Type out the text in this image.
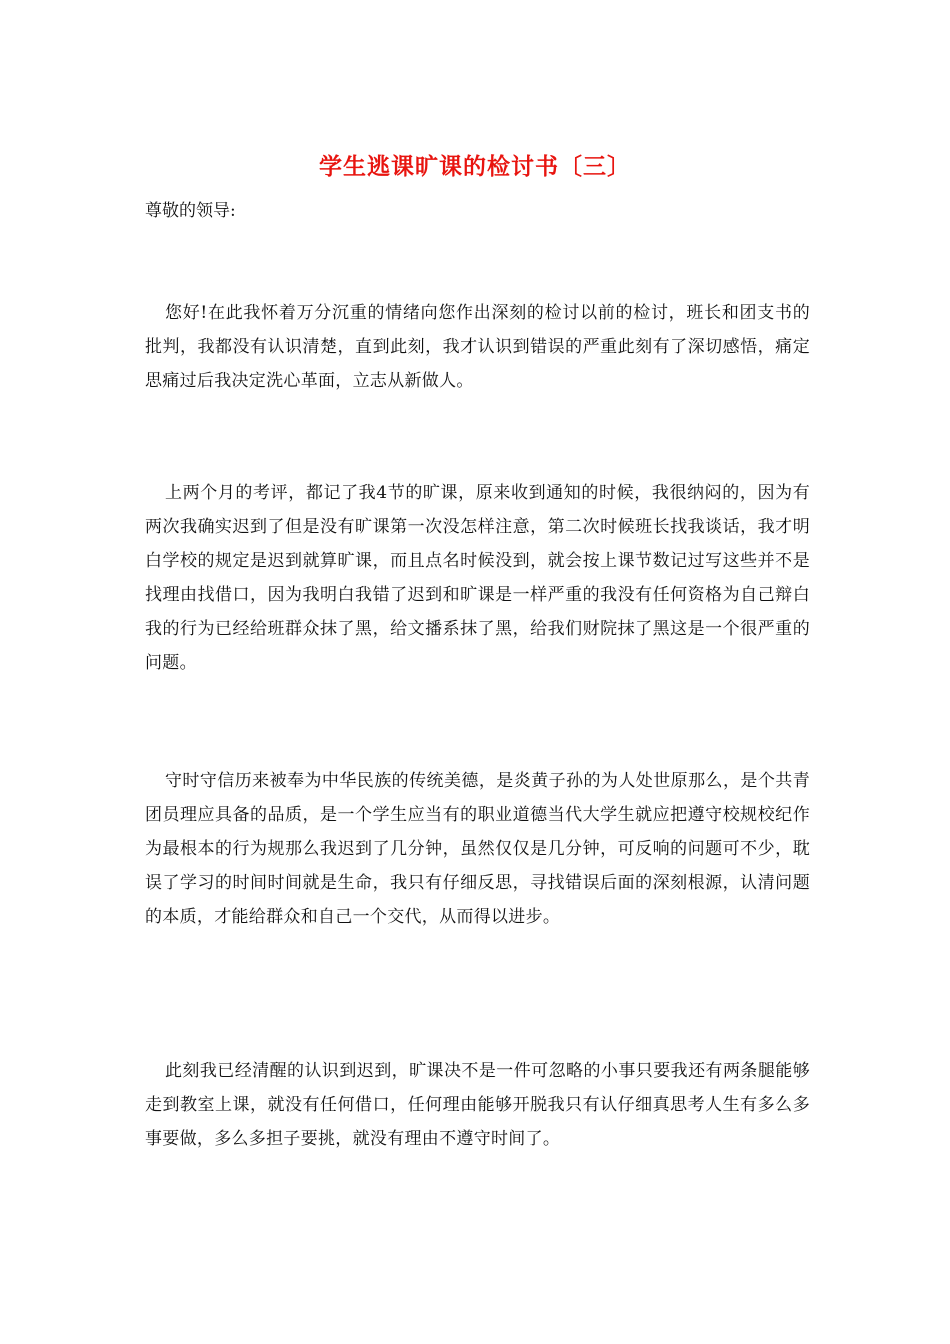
学生逃课旷课的检讨书〔三〕
尊敬的领导:
您好!在此我怀着万分沉重的情绪向您作出深刻的检讨以前的检讨，班长和团支书的批判，我都没有认识清楚，直到此刻，我才认识到错误的严重此刻有了深切感悟，痛定思痛过后我决定洗心革面，立志从新做人。
上两个月的考评，都记了我4节的旷课，原来收到通知的时候，我很纳闷的，因为有两次我确实迟到了但是没有旷课第一次没怎样注意，第二次时候班长找我谈话，我才明白学校的规定是迟到就算旷课，而且点名时候没到，就会按上课节数记过写这些并不是找理由找借口，因为我明白我错了迟到和旷课是一样严重的我没有任何资格为自己辩白我的行为已经给班群众抹了黑，给文播系抹了黑，给我们财院抹了黑这是一个很严重的问题。
守时守信历来被奉为中华民族的传统美德，是炎黄子孙的为人处世原那么，是个共青团员理应具备的品质，是一个学生应当有的职业道德当代大学生就应把遵守校规校纪作为最根本的行为规那么我迟到了几分钟，虽然仅仅是几分钟，可反响的问题可不少，耽误了学习的时间时间就是生命，我只有仔细反思，寻找错误后面的深刻根源，认清问题的本质，才能给群众和自己一个交代，从而得以进步。
此刻我已经清醒的认识到迟到，旷课决不是一件可忽略的小事只要我还有两条腿能够走到教室上课，就没有任何借口，任何理由能够开脱我只有认仔细真思考人生有多么多事要做，多么多担子要挑，就没有理由不遵守时间了。
